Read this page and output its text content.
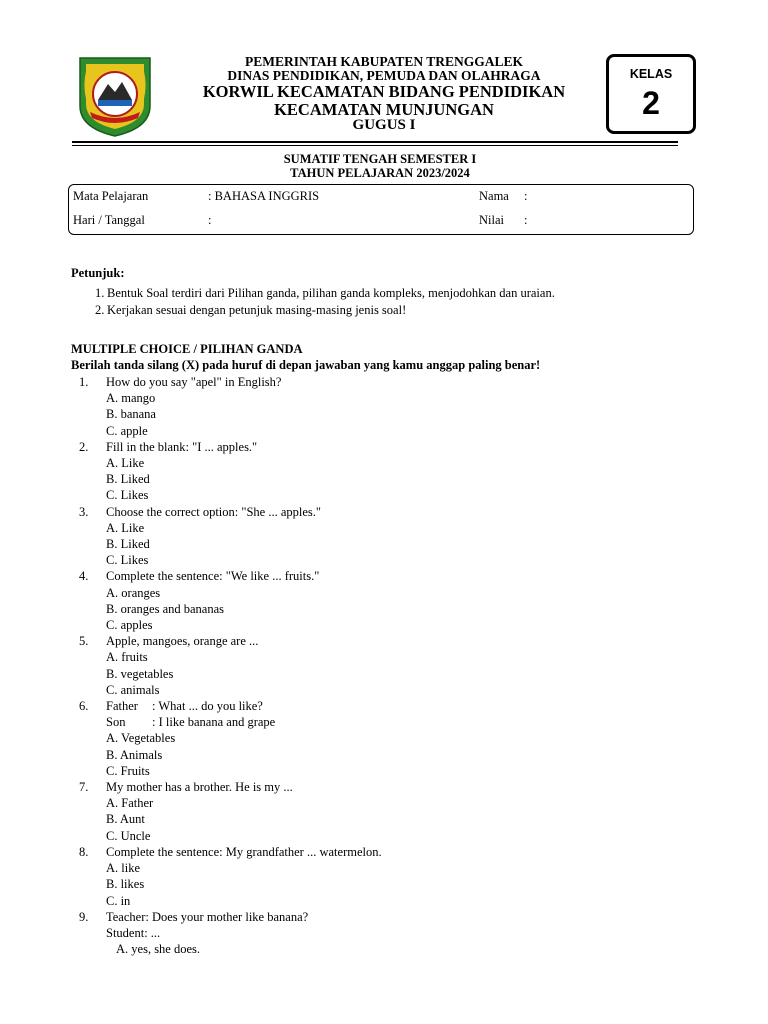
PEMERINTAH KABUPATEN TRENGGALEK
DINAS PENDIDIKAN, PEMUDA DAN OLAHRAGA
KORWIL KECAMATAN BIDANG PENDIDIKAN
KECAMATAN MUNJUNGAN
GUGUS I
KELAS
2
SUMATIF TENGAH SEMESTER I
TAHUN PELAJARAN 2023/2024
Mata Pelajaran	: BAHASA INGGRIS	Nama :
Hari / Tanggal	:	Nilai :
Petunjuk:
1. Bentuk Soal terdiri dari Pilihan ganda, pilihan ganda kompleks, menjodohkan dan uraian.
2. Kerjakan sesuai dengan petunjuk masing-masing jenis soal!
MULTIPLE CHOICE / PILIHAN GANDA
Berilah tanda silang (X) pada huruf di depan jawaban yang kamu anggap paling benar!
1. How do you say "apel" in English?
A. mango
B. banana
C. apple
2. Fill in the blank: "I ... apples."
A. Like
B. Liked
C. Likes
3. Choose the correct option: "She ... apples."
A. Like
B. Liked
C. Likes
4. Complete the sentence: "We like ... fruits."
A. oranges
B. oranges and bananas
C. apples
5. Apple, mangoes, orange are ...
A. fruits
B. vegetables
C. animals
6. Father : What ... do you like?
Son : I like banana and grape
A. Vegetables
B. Animals
C. Fruits
7. My mother has a brother. He is my ...
A. Father
B. Aunt
C. Uncle
8. Complete the sentence: My grandfather ... watermelon.
A. like
B. likes
C. in
9. Teacher: Does your mother like banana?
Student: ...
A. yes, she does.
